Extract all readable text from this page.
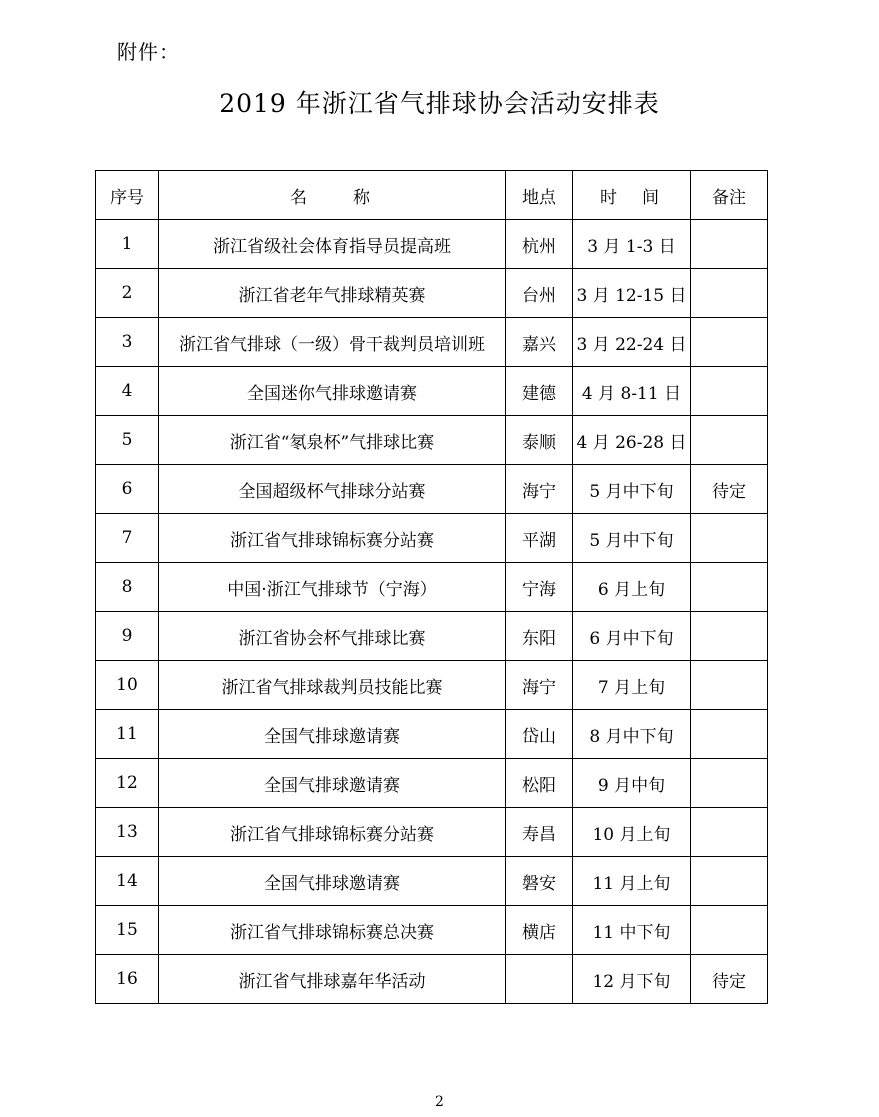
附件：
2019 年浙江省气排球协会活动安排表
序号	名　　称	地点	时　间	备注
1	浙江省级社会体育指导员提高班	杭州	3 月 1-3 日	
2	浙江省老年气排球精英赛	台州	3 月 12-15 日	
3	浙江省气排球（一级）骨干裁判员培训班	嘉兴	3 月 22-24 日	
4	全国迷你气排球邀请赛	建德	4 月 8-11 日	
5	浙江省“氡泉杯”气排球比赛	泰顺	4 月 26-28 日	
6	全国超级杯气排球分站赛	海宁	5 月中下旬	待定
7	浙江省气排球锦标赛分站赛	平湖	5 月中下旬	
8	中国·浙江气排球节（宁海）	宁海	6 月上旬	
9	浙江省协会杯气排球比赛	东阳	6 月中下旬	
10	浙江省气排球裁判员技能比赛	海宁	7 月上旬	
11	全国气排球邀请赛	岱山	8 月中下旬	
12	全国气排球邀请赛	松阳	9 月中旬	
13	浙江省气排球锦标赛分站赛	寿昌	10 月上旬	
14	全国气排球邀请赛	磐安	11 月上旬	
15	浙江省气排球锦标赛总决赛	横店	11 中下旬	
16	浙江省气排球嘉年华活动		12 月下旬	待定
2
